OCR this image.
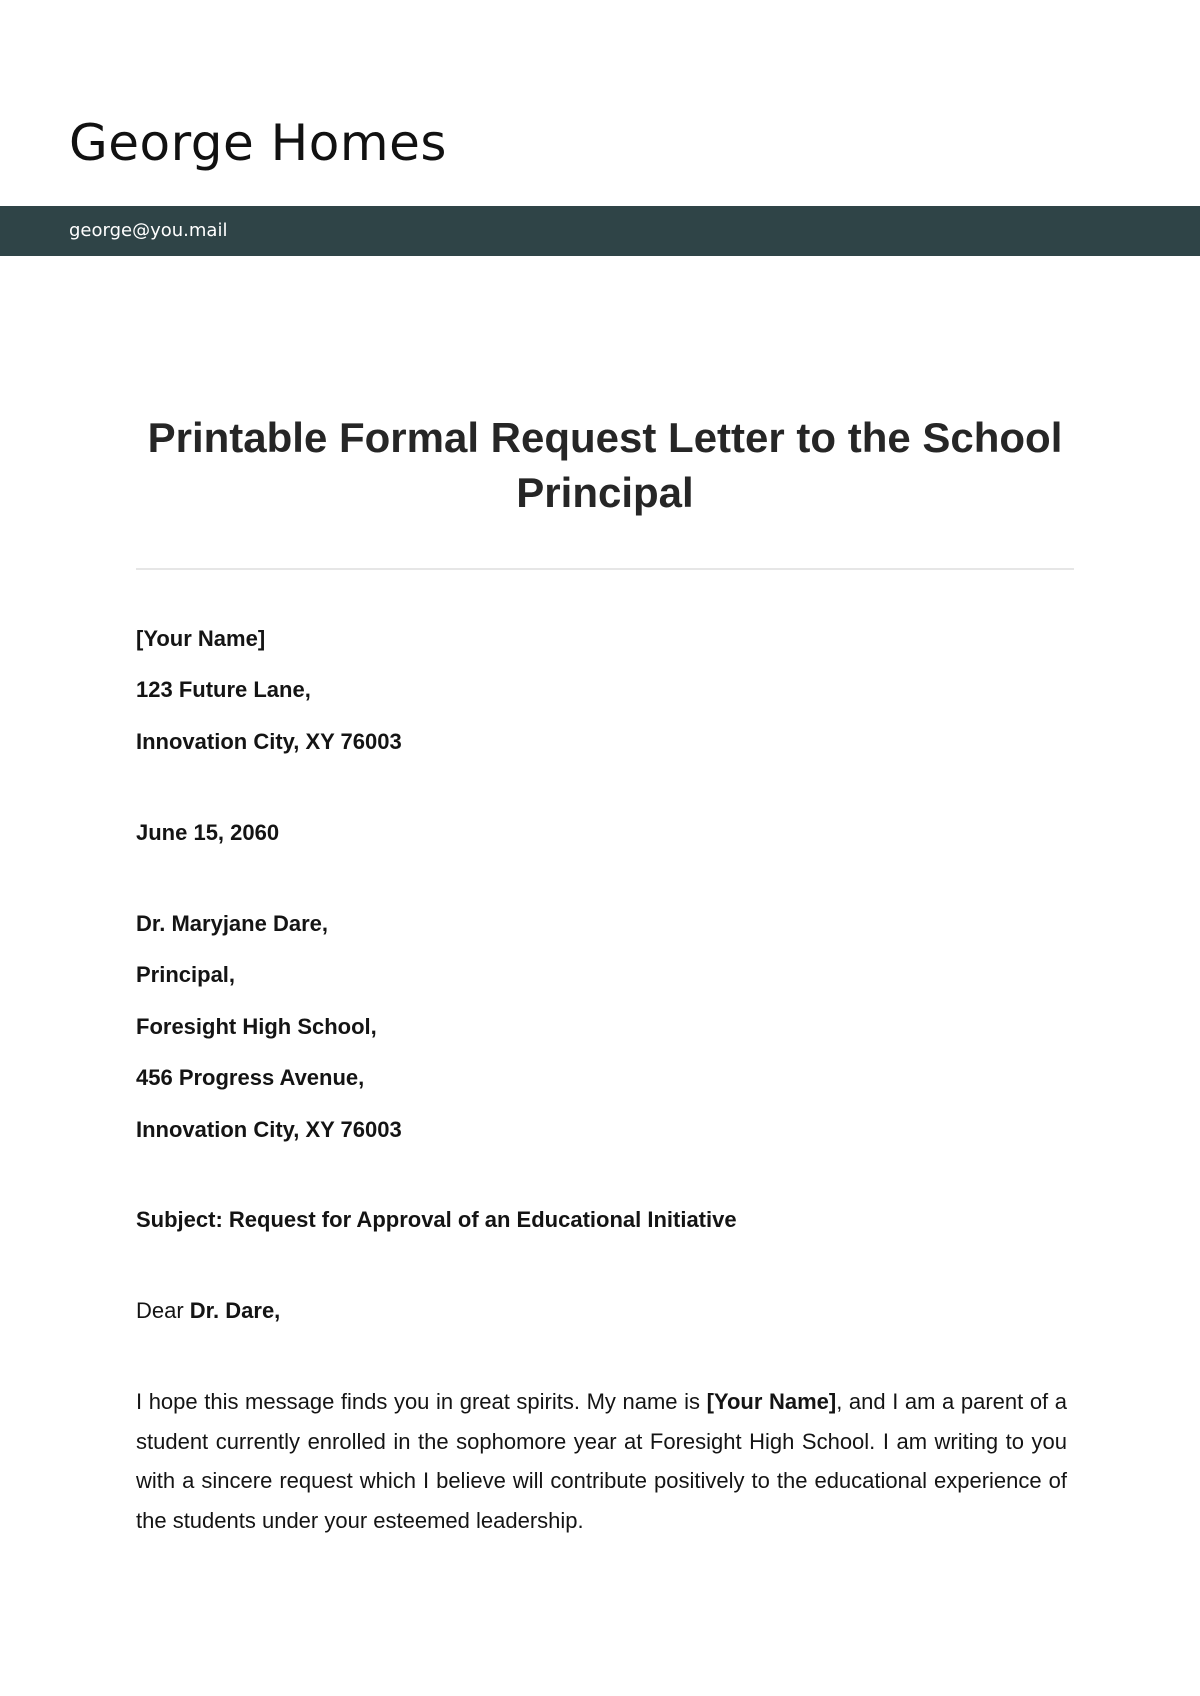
George Homes
george@you.mail
Printable Formal Request Letter to the School Principal

[Your Name]

123 Future Lane,

Innovation City, XY 76003

June 15, 2060

Dr. Maryjane Dare,

Principal,

Foresight High School,

456 Progress Avenue,

Innovation City, XY 76003

Subject: Request for Approval of an Educational Initiative

Dear Dr. Dare,

I hope this message finds you in great spirits. My name is [Your Name], and I am a parent of a student currently enrolled in the sophomore year at Foresight High School. I am writing to you with a sincere request which I believe will contribute positively to the educational experience of the students under your esteemed leadership.
